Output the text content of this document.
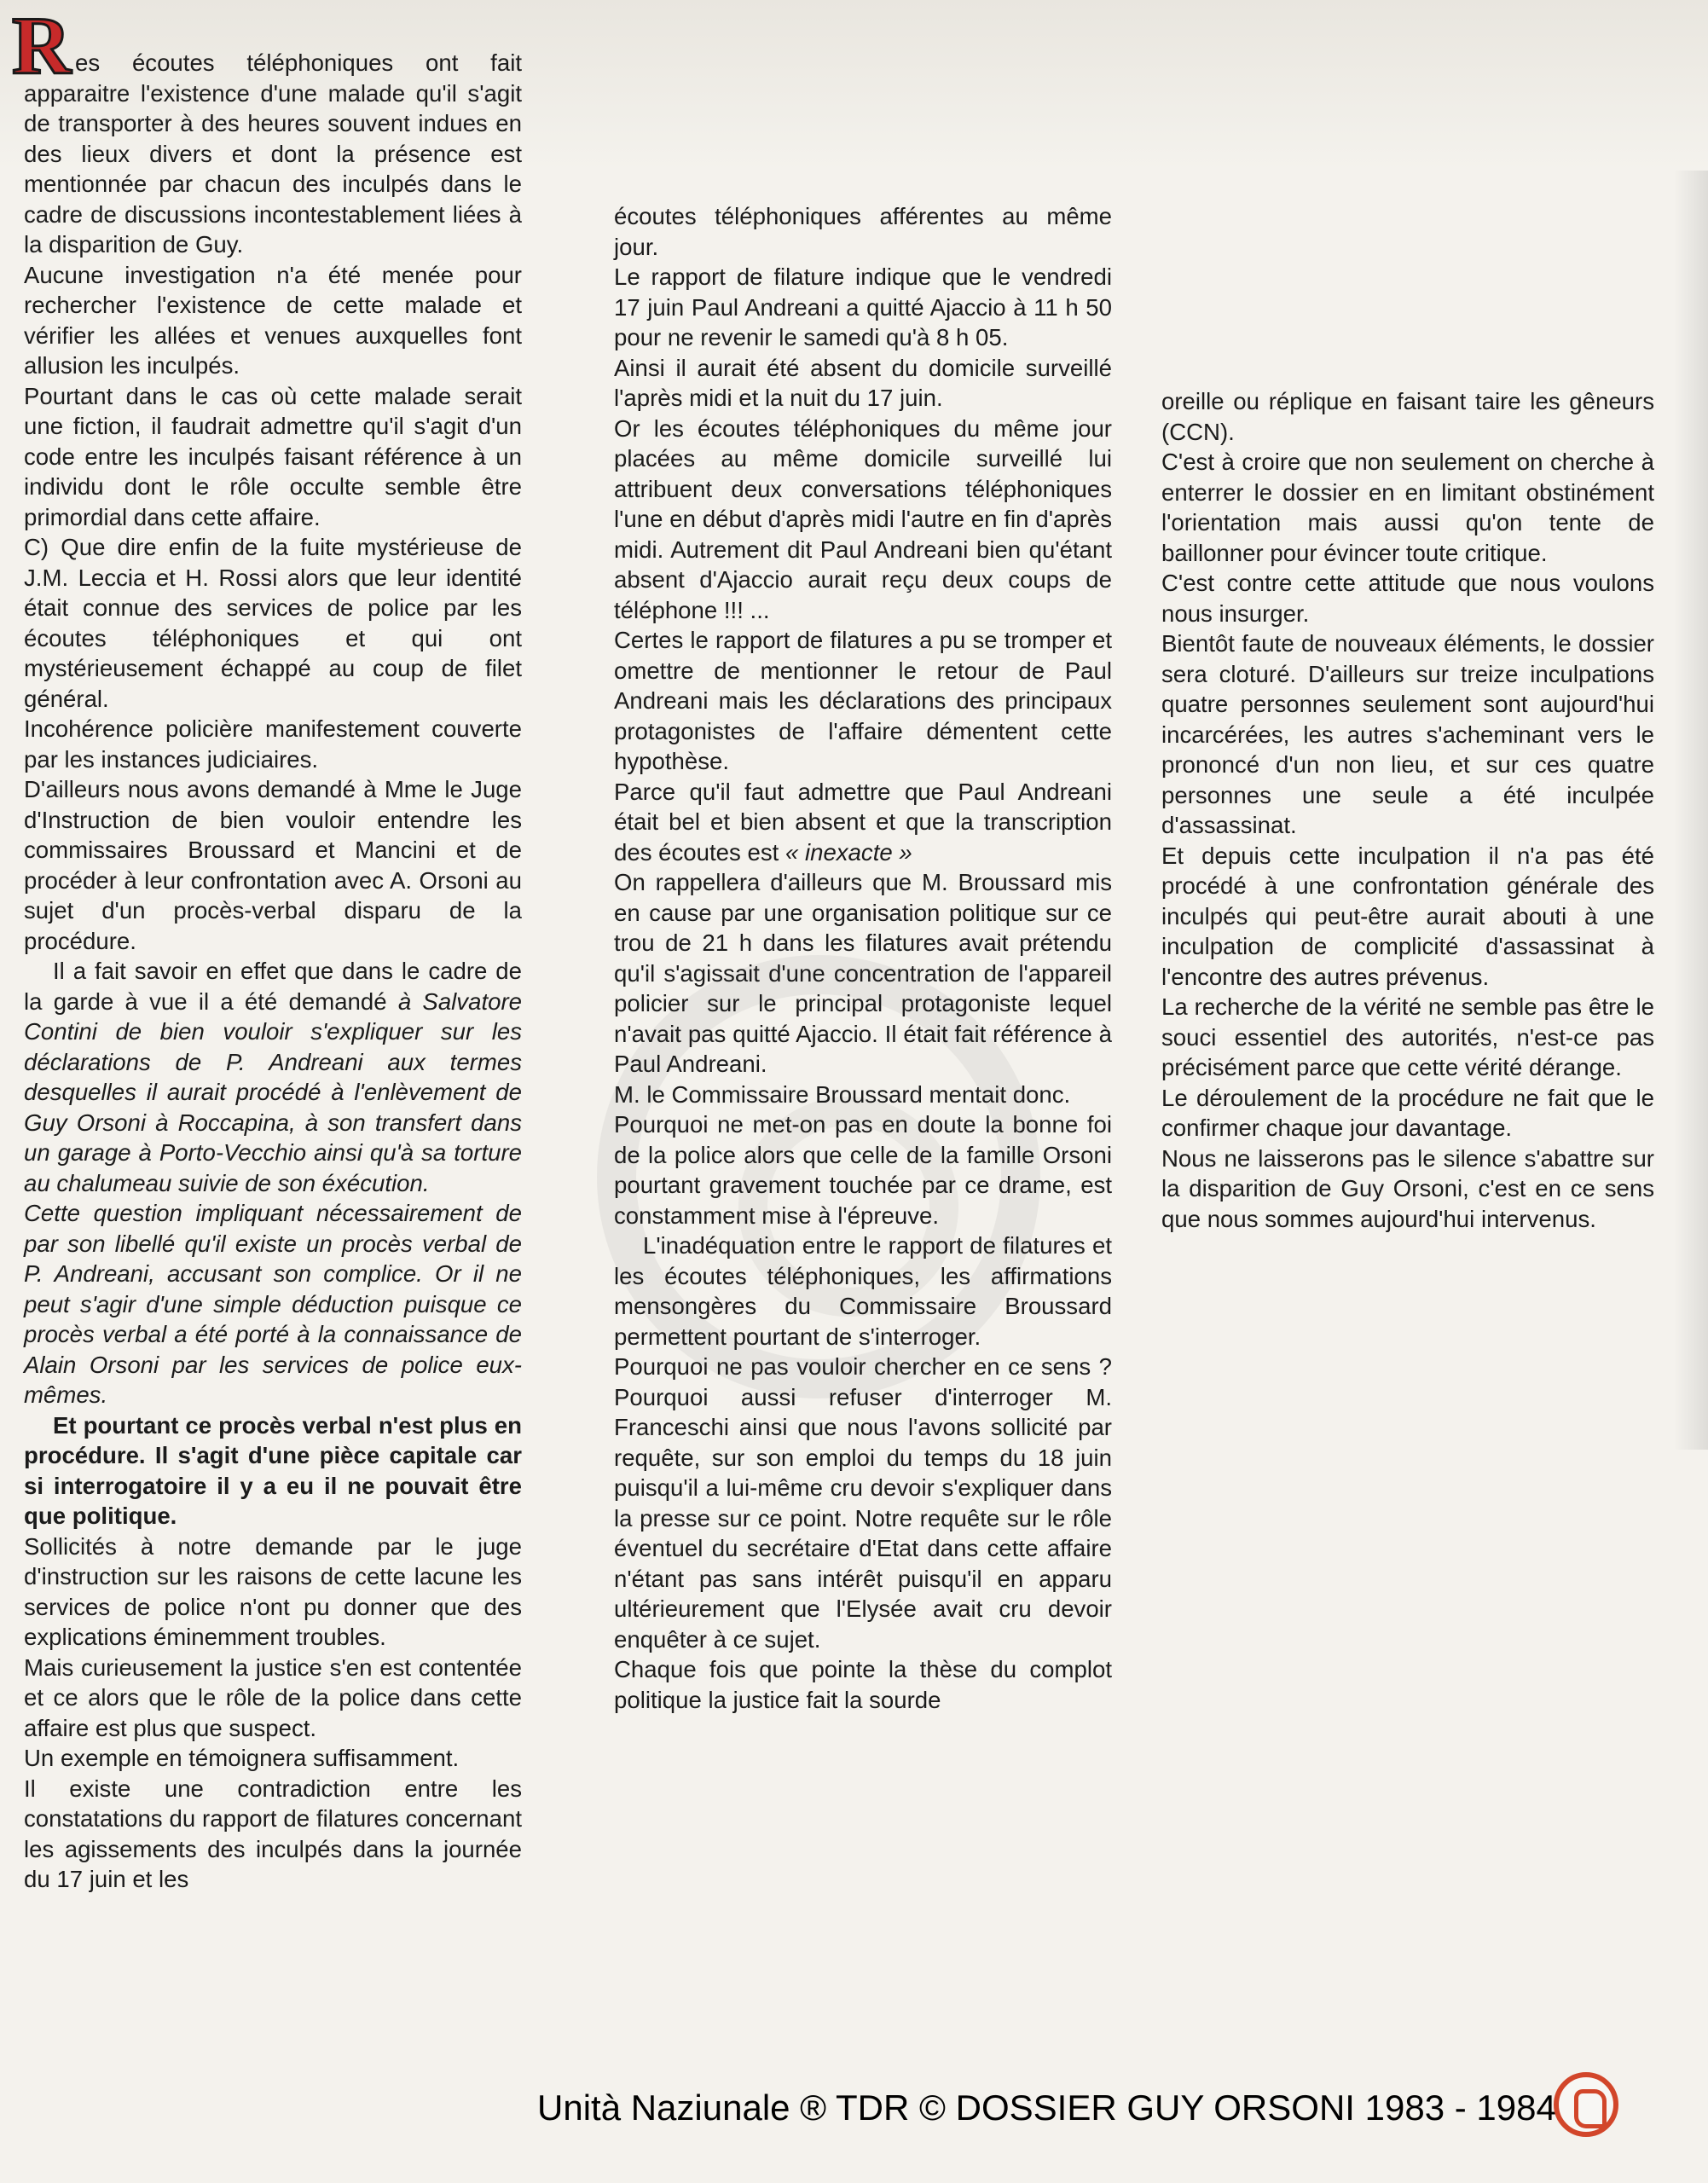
R es écoutes téléphoniques ont fait apparaitre l'existence d'une malade qu'il s'agit de transporter à des heures souvent indues en des lieux divers et dont la présence est mentionnée par chacun des inculpés dans le cadre de discussions incontestablement liées à la disparition de Guy.

Aucune investigation n'a été menée pour rechercher l'existence de cette malade et vérifier les allées et venues auxquelles font allusion les inculpés.

Pourtant dans le cas où cette malade serait une fiction, il faudrait admettre qu'il s'agit d'un code entre les inculpés faisant référence à un individu dont le rôle occulte semble être primordial dans cette affaire.

C) Que dire enfin de la fuite mystérieuse de J.M. Leccia et H. Rossi alors que leur identité était connue des services de police par les écoutes téléphoniques et qui ont mystérieusement échappé au coup de filet général.

Incohérence policière manifestement couverte par les instances judiciaires.

D'ailleurs nous avons demandé à Mme le Juge d'Instruction de bien vouloir entendre les commissaires Broussard et Mancini et de procéder à leur confrontation avec A. Orsoni au sujet d'un procès-verbal disparu de la procédure.

Il a fait savoir en effet que dans le cadre de la garde à vue il a été demandé à Salvatore Contini de bien vouloir s'expliquer sur les déclarations de P. Andreani aux termes desquelles il aurait procédé à l'enlèvement de Guy Orsoni à Roccapina, à son transfert dans un garage à Porto-Vecchio ainsi qu'à sa torture au chalumeau suivie de son éxécution.

Cette question impliquant nécessairement de par son libellé qu'il existe un procès verbal de P. Andreani, accusant son complice. Or il ne peut s'agir d'une simple déduction puisque ce procès verbal a été porté à la connaissance de Alain Orsoni par les services de police eux-mêmes.

Et pourtant ce procès verbal n'est plus en procédure. Il s'agit d'une pièce capitale car si interrogatoire il y a eu il ne pouvait être que politique.

Sollicités à notre demande par le juge d'instruction sur les raisons de cette lacune les services de police n'ont pu donner que des explications éminemment troubles.

Mais curieusement la justice s'en est contentée et ce alors que le rôle de la police dans cette affaire est plus que suspect.

Un exemple en témoignera suffisamment.

Il existe une contradiction entre les constatations du rapport de filatures concernant les agissements des inculpés dans la journée du 17 juin et les

écoutes téléphoniques afférentes au même jour.

Le rapport de filature indique que le vendredi 17 juin Paul Andreani a quitté Ajaccio à 11 h 50 pour ne revenir le samedi qu'à 8 h 05.

Ainsi il aurait été absent du domicile surveillé l'après midi et la nuit du 17 juin.

Or les écoutes téléphoniques du même jour placées au même domicile surveillé lui attribuent deux conversations téléphoniques l'une en début d'après midi l'autre en fin d'après midi. Autrement dit Paul Andreani bien qu'étant absent d'Ajaccio aurait reçu deux coups de téléphone !!! ...

Certes le rapport de filatures a pu se tromper et omettre de mentionner le retour de Paul Andreani mais les déclarations des principaux protagonistes de l'affaire démentent cette hypothèse.

Parce qu'il faut admettre que Paul Andreani était bel et bien absent et que la transcription des écoutes est « inexacte »

On rappellera d'ailleurs que M. Broussard mis en cause par une organisation politique sur ce trou de 21 h dans les filatures avait prétendu qu'il s'agissait d'une concentration de l'appareil policier sur le principal protagoniste lequel n'avait pas quitté Ajaccio. Il était fait référence à Paul Andreani.

M. le Commissaire Broussard mentait donc.

Pourquoi ne met-on pas en doute la bonne foi de la police alors que celle de la famille Orsoni pourtant gravement touchée par ce drame, est constamment mise à l'épreuve.

L'inadéquation entre le rapport de filatures et les écoutes téléphoniques, les affirmations mensongères du Commissaire Broussard permettent pourtant de s'interroger.

Pourquoi ne pas vouloir chercher en ce sens ? Pourquoi aussi refuser d'interroger M. Franceschi ainsi que nous l'avons sollicité par requête, sur son emploi du temps du 18 juin puisqu'il a lui-même cru devoir s'expliquer dans la presse sur ce point. Notre requête sur le rôle éventuel du secrétaire d'Etat dans cette affaire n'étant pas sans intérêt puisqu'il en apparu ultérieurement que l'Elysée avait cru devoir enquêter à ce sujet.

Chaque fois que pointe la thèse du complot politique la justice fait la sourde

oreille ou réplique en faisant taire les gêneurs (CCN).

C'est à croire que non seulement on cherche à enterrer le dossier en en limitant obstinément l'orientation mais aussi qu'on tente de baillonner pour évincer toute critique.

C'est contre cette attitude que nous voulons nous insurger.

Bientôt faute de nouveaux éléments, le dossier sera cloturé. D'ailleurs sur treize inculpations quatre personnes seulement sont aujourd'hui incarcérées, les autres s'acheminant vers le prononcé d'un non lieu, et sur ces quatre personnes une seule a été inculpée d'assassinat.

Et depuis cette inculpation il n'a pas été procédé à une confrontation générale des inculpés qui peut-être aurait abouti à une inculpation de complicité d'assassinat à l'encontre des autres prévenus.

La recherche de la vérité ne semble pas être le souci essentiel des autorités, n'est-ce pas précisément parce que cette vérité dérange.

Le déroulement de la procédure ne fait que le confirmer chaque jour davantage.

Nous ne laisserons pas le silence s'abattre sur la disparition de Guy Orsoni, c'est en ce sens que nous sommes aujourd'hui intervenus.

Unità Naziunale ® TDR © DOSSIER GUY ORSONI 1983 - 1984
